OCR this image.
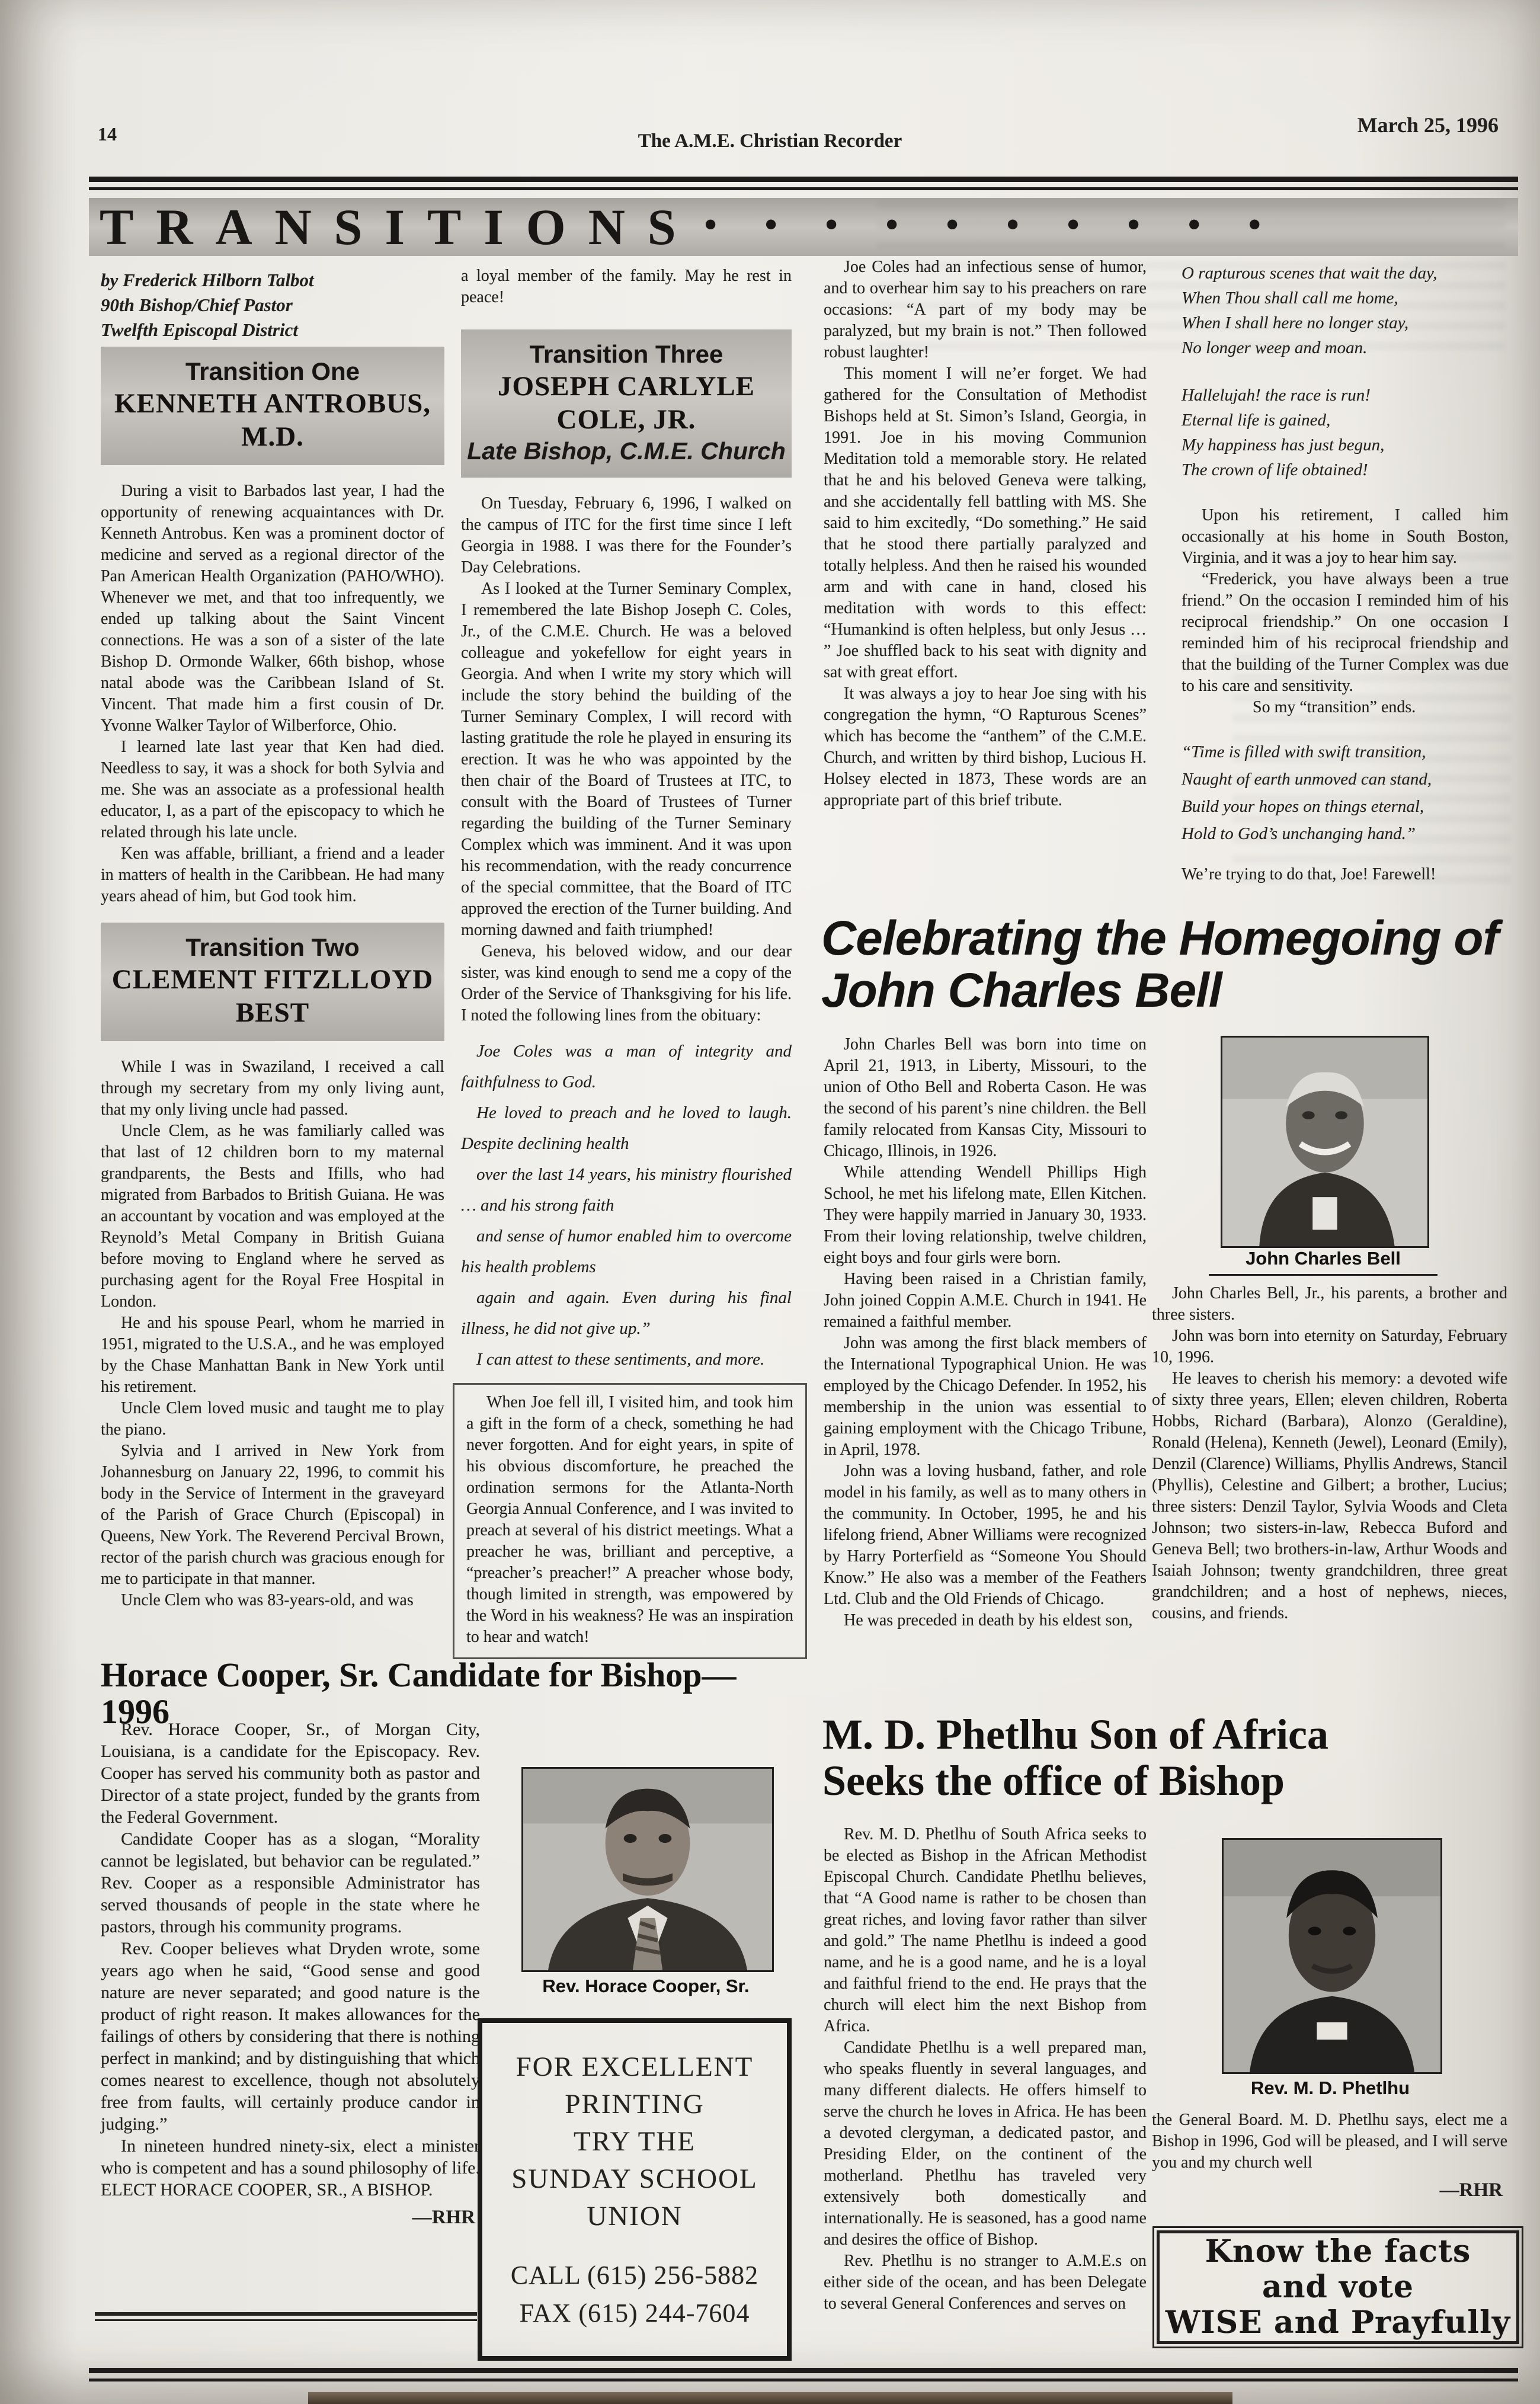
14	The A.M.E. Christian Recorder
March 25, 1996
TRANSITIONS • • • • • • • • • •
by Frederick Hilborn Talbot
90th Bishop/Chief Pastor
Twelfth Episcopal District
Transition One
KENNETH ANTROBUS, M.D.

During a visit to Barbados last year, I had the opportunity of renewing acquaintances with Dr. Kenneth Antrobus. Ken was a prominent doctor of medicine and served as a regional director of the Pan American Health Organization (PAHO/WHO). Whenever we met, and that too infrequently, we ended up talking about the Saint Vincent connections. He was a son of a sister of the late Bishop D. Ormonde Walker, 66th bishop, whose natal abode was the Caribbean Island of St. Vincent. That made him a first cousin of Dr. Yvonne Walker Taylor of Wilberforce, Ohio.

I learned late last year that Ken had died. Needless to say, it was a shock for both Sylvia and me. She was an associate as a professional health educator, I, as a part of the episcopacy to which he related through his late uncle.

Ken was affable, brilliant, a friend and a leader in matters of health in the Caribbean. He had many years ahead of him, but God took him.

Transition Two
CLEMENT FITZLLOYD BEST

While I was in Swaziland, I received a call through my secretary from my only living aunt, that my only living uncle had passed.

Uncle Clem, as he was familiarly called was that last of 12 children born to my maternal grandparents, the Bests and Ifills, who had migrated from Barbados to British Guiana. He was an accountant by vocation and was employed at the Reynold’s Metal Company in British Guiana before moving to England where he served as purchasing agent for the Royal Free Hospital in London.

He and his spouse Pearl, whom he married in 1951, migrated to the U.S.A., and he was employed by the Chase Manhattan Bank in New York until his retirement.

Uncle Clem loved music and taught me to play the piano.

Sylvia and I arrived in New York from Johannesburg on January 22, 1996, to commit his body in the Service of Interment in the graveyard of the Parish of Grace Church (Episcopal) in Queens, New York. The Reverend Percival Brown, rector of the parish church was gracious enough for me to participate in that manner.

Uncle Clem who was 83-years-old, and was

a loyal member of the family. May he rest in peace!

Transition Three
JOSEPH CARLYLE COLE, JR.
Late Bishop, C.M.E. Church

On Tuesday, February 6, 1996, I walked on the campus of ITC for the first time since I left Georgia in 1988. I was there for the Founder’s Day Celebrations.

As I looked at the Turner Seminary Complex, I remembered the late Bishop Joseph C. Coles, Jr., of the C.M.E. Church. He was a beloved colleague and yokefellow for eight years in Georgia. And when I write my story which will include the story behind the building of the Turner Seminary Complex, I will record with lasting gratitude the role he played in ensuring its erection. It was he who was appointed by the then chair of the Board of Trustees at ITC, to consult with the Board of Trustees of Turner regarding the building of the Turner Seminary Complex which was imminent. And it was upon his recommendation, with the ready concurrence of the special committee, that the Board of ITC approved the erection of the Turner building. And morning dawned and faith triumphed!

Geneva, his beloved widow, and our dear sister, was kind enough to send me a copy of the Order of the Service of Thanksgiving for his life. I noted the following lines from the obituary:

Joe Coles was a man of integrity and faithfulness to God.

He loved to preach and he loved to laugh. Despite declining health

over the last 14 years, his ministry flourished … and his strong faith

and sense of humor enabled him to overcome his health problems

again and again. Even during his final illness, he did not give up.”

I can attest to these sentiments, and more.

When Joe fell ill, I visited him, and took him a gift in the form of a check, something he had never forgotten. And for eight years, in spite of his obvious discomforture, he preached the ordination sermons for the Atlanta-North Georgia Annual Conference, and I was invited to preach at several of his district meetings. What a preacher he was, brilliant and perceptive, a “preacher’s preacher!” A preacher whose body, though limited in strength, was empowered by the Word in his weakness? He was an inspiration to hear and watch!

Joe Coles had an infectious sense of humor, and to overhear him say to his preachers on rare occasions: “A part of my body may be paralyzed, but my brain is not.” Then followed robust laughter!

This moment I will ne’er forget. We had gathered for the Consultation of Methodist Bishops held at St. Simon’s Island, Georgia, in 1991. Joe in his moving Communion Meditation told a memorable story. He related that he and his beloved Geneva were talking, and she accidentally fell battling with MS. She said to him excitedly, “Do something.” He said that he stood there partially paralyzed and totally helpless. And then he raised his wounded arm and with cane in hand, closed his meditation with words to this effect: “Humankind is often helpless, but only Jesus … ” Joe shuffled back to his seat with dignity and sat with great effort.

It was always a joy to hear Joe sing with his congregation the hymn, “O Rapturous Scenes” which has become the “anthem” of the C.M.E. Church, and written by third bishop, Lucious H. Holsey elected in 1873, These words are an appropriate part of this brief tribute.

O rapturous scenes that wait the day,
When Thou shall call me home,
When I shall here no longer stay,
No longer weep and moan.
Hallelujah! the race is run!
Eternal life is gained,
My happiness has just begun,
The crown of life obtained!

Upon his retirement, I called him occasionally at his home in South Boston, Virginia, and it was a joy to hear him say.

“Frederick, you have always been a true friend.” On the occasion I reminded him of his reciprocal friendship.” On one occasion I reminded him of his reciprocal friendship and that the building of the Turner Complex was due to his care and sensitivity.

So my “transition” ends.

“Time is filled with swift transition,
Naught of earth unmoved can stand,
Build your hopes on things eternal,
Hold to God’s unchanging hand.”

We’re trying to do that, Joe! Farewell!

Celebrating the Homegoing of
John Charles Bell

John Charles Bell was born into time on April 21, 1913, in Liberty, Missouri, to the union of Otho Bell and Roberta Cason. He was the second of his parent’s nine children. the Bell family relocated from Kansas City, Missouri to Chicago, Illinois, in 1926.

While attending Wendell Phillips High School, he met his lifelong mate, Ellen Kitchen. They were happily married in January 30, 1933. From their loving relationship, twelve children, eight boys and four girls were born.

Having been raised in a Christian family, John joined Coppin A.M.E. Church in 1941. He remained a faithful member.

John was among the first black members of the International Typographical Union. He was employed by the Chicago Defender. In 1952, his membership in the union was essential to gaining employment with the Chicago Tribune, in April, 1978.

John was a loving husband, father, and role model in his family, as well as to many others in the community. In October, 1995, he and his lifelong friend, Abner Williams were recognized by Harry Porterfield as “Someone You Should Know.” He also was a member of the Feathers Ltd. Club and the Old Friends of Chicago.

He was preceded in death by his eldest son,

John Charles Bell

John Charles Bell, Jr., his parents, a brother and three sisters.

John was born into eternity on Saturday, February 10, 1996.

He leaves to cherish his memory: a devoted wife of sixty three years, Ellen; eleven children, Roberta Hobbs, Richard (Barbara), Alonzo (Geraldine), Ronald (Helena), Kenneth (Jewel), Leonard (Emily), Denzil (Clarence) Williams, Phyllis Andrews, Stancil (Phyllis), Celestine and Gilbert; a brother, Lucius; three sisters: Denzil Taylor, Sylvia Woods and Cleta Johnson; two sisters-in-law, Rebecca Buford and Geneva Bell; two brothers-in-law, Arthur Woods and Isaiah Johnson; twenty grandchildren, three great grandchildren; and a host of nephews, nieces, cousins, and friends.

Horace Cooper, Sr. Candidate for Bishop—1996

Rev. Horace Cooper, Sr., of Morgan City, Louisiana, is a candidate for the Episcopacy. Rev. Cooper has served his community both as pastor and Director of a state project, funded by the grants from the Federal Government.

Candidate Cooper has as a slogan, “Morality cannot be legislated, but behavior can be regulated.” Rev. Cooper as a responsible Administrator has served thousands of people in the state where he pastors, through his community programs.

Rev. Cooper believes what Dryden wrote, some years ago when he said, “Good sense and good nature are never separated; and good nature is the product of right reason. It makes allowances for the failings of others by considering that there is nothing perfect in mankind; and by distinguishing that which comes nearest to excellence, though not absolutely free from faults, will certainly produce candor in judging.”

In nineteen hundred ninety-six, elect a minister who is competent and has a sound philosophy of life. ELECT HORACE COOPER, SR., A BISHOP.

—RHR
Rev. Horace Cooper, Sr.
FOR EXCELLENT
PRINTING
TRY THE
SUNDAY SCHOOL
UNION
CALL (615) 256-5882
FAX (615) 244-7604
M. D. Phetlhu Son of Africa
Seeks the office of Bishop

Rev. M. D. Phetlhu of South Africa seeks to be elected as Bishop in the African Methodist Episcopal Church. Candidate Phetlhu believes, that “A Good name is rather to be chosen than great riches, and loving favor rather than silver and gold.” The name Phetlhu is indeed a good name, and he is a good name, and he is a loyal and faithful friend to the end. He prays that the church will elect him the next Bishop from Africa.

Candidate Phetlhu is a well prepared man, who speaks fluently in several languages, and many different dialects. He offers himself to serve the church he loves in Africa. He has been a devoted clergyman, a dedicated pastor, and Presiding Elder, on the continent of the motherland. Phetlhu has traveled very extensively both domestically and internationally. He is seasoned, has a good name and desires the office of Bishop.

Rev. Phetlhu is no stranger to A.M.E.s on either side of the ocean, and has been Delegate to several General Conferences and serves on

Rev. M. D. Phetlhu

the General Board. M. D. Phetlhu says, elect me a Bishop in 1996, God will be pleased, and I will serve you and my church well

—RHR
Know the facts
and vote
WISE and Prayfully
